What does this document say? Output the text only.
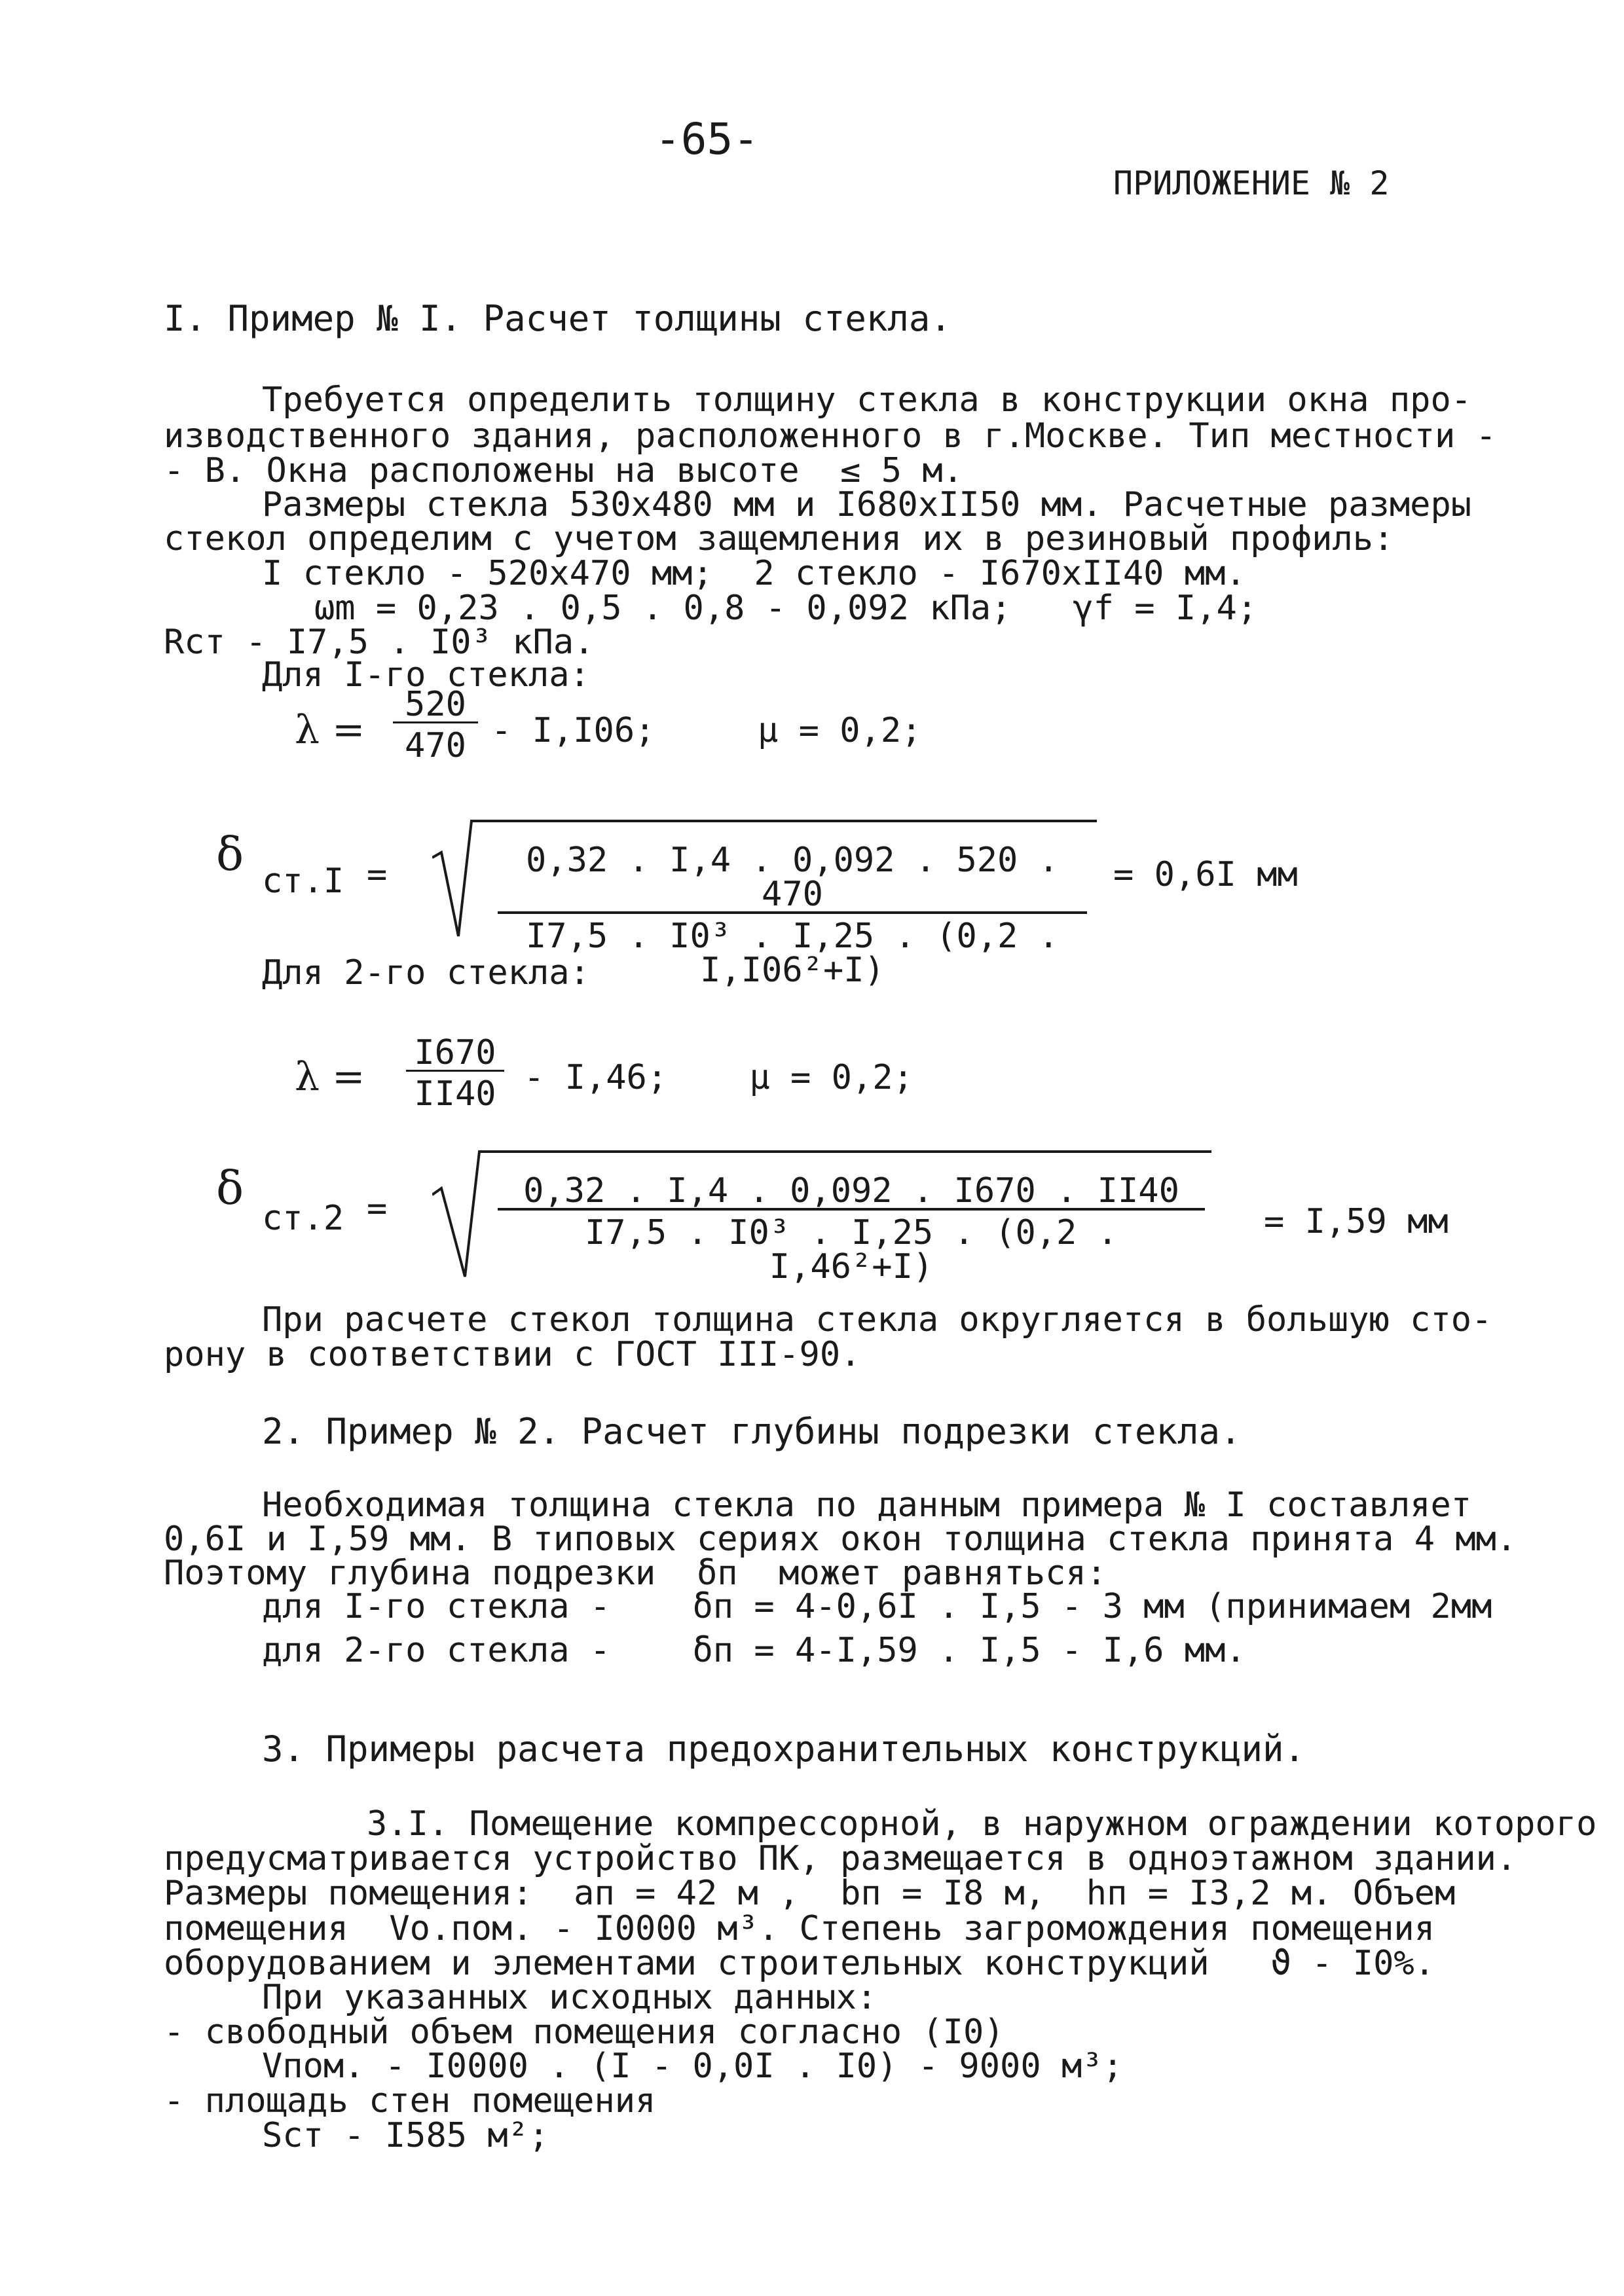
-65-
ПРИЛОЖЕНИЕ № 2
I. Пример № I. Расчет толщины стекла.
Требуется определить толщину стекла в конструкции окна про-
изводственного здания, расположенного в г.Москве. Тип местности -
- В. Окна расположены на высоте  ≤ 5 м.
Размеры стекла 530х480 мм и I680хII50 мм. Расчетные размеры
стекол определим с учетом защемления их в резиновый профиль:
I стекло - 520х470 мм;  2 стекло - I670хII40 мм.
ωm = 0,23 . 0,5 . 0,8 - 0,092 кПа;   γf = I,4;
Rст - I7,5 . I0³ кПа.
Для I-го стекла:
$\lambda = \frac{520}{470} - I,I06$;     μ = 0,2;
δ ст.I =	$\frac{0,32 . I,4 . 0,092 . 520 . 470}{\text{I7,5 . I0³ . I,25 . (0,2 . I,I06²+I)}} = 0,6I$ мм
Для 2-го стекла:
$\lambda = \frac{I670}{II40} - I,46$;    μ = 0,2;
δ
ст.2 =	$\frac{0,32 . I,4 . 0,092 . I670 . II40}{\text{I7,5 . I0³ . I,25 . (0,2 . I,46²+I)}} = I,59$ мм
При расчете стекол толщина стекла округляется в большую сто-
рону в соответствии с ГОСТ III-90.
2. Пример № 2. Расчет глубины подрезки стекла.
Необходимая толщина стекла по данным примера № I составляет
0,6I и I,59 мм. В типовых сериях окон толщина стекла принята 4 мм.
Поэтому глубина подрезки  δп  может равняться:
для I-го стекла -    δп = 4-0,6I . I,5 - 3 мм (принимаем 2мм
для 2-го стекла -    δп = 4-I,59 . I,5 - I,6 мм.
3. Примеры расчета предохранительных конструкций.
3.I. Помещение компрессорной, в наружном ограждении которого
предусматривается устройство ПК, размещается в одноэтажном здании.
Размеры помещения:  ап = 42 м ,  bп = I8 м,  hп = I3,2 м. Объем
помещения  Vо.пом. - I0000 м³. Степень загромождения помещения
оборудованием и элементами строительных конструкций   ϑ - I0%.
При указанных исходных данных:
- свободный объем помещения согласно (I0)
Vпом. - I0000 . (I - 0,0I . I0) - 9000 м³;
- площадь стен помещения
Sст - I585 м²;
